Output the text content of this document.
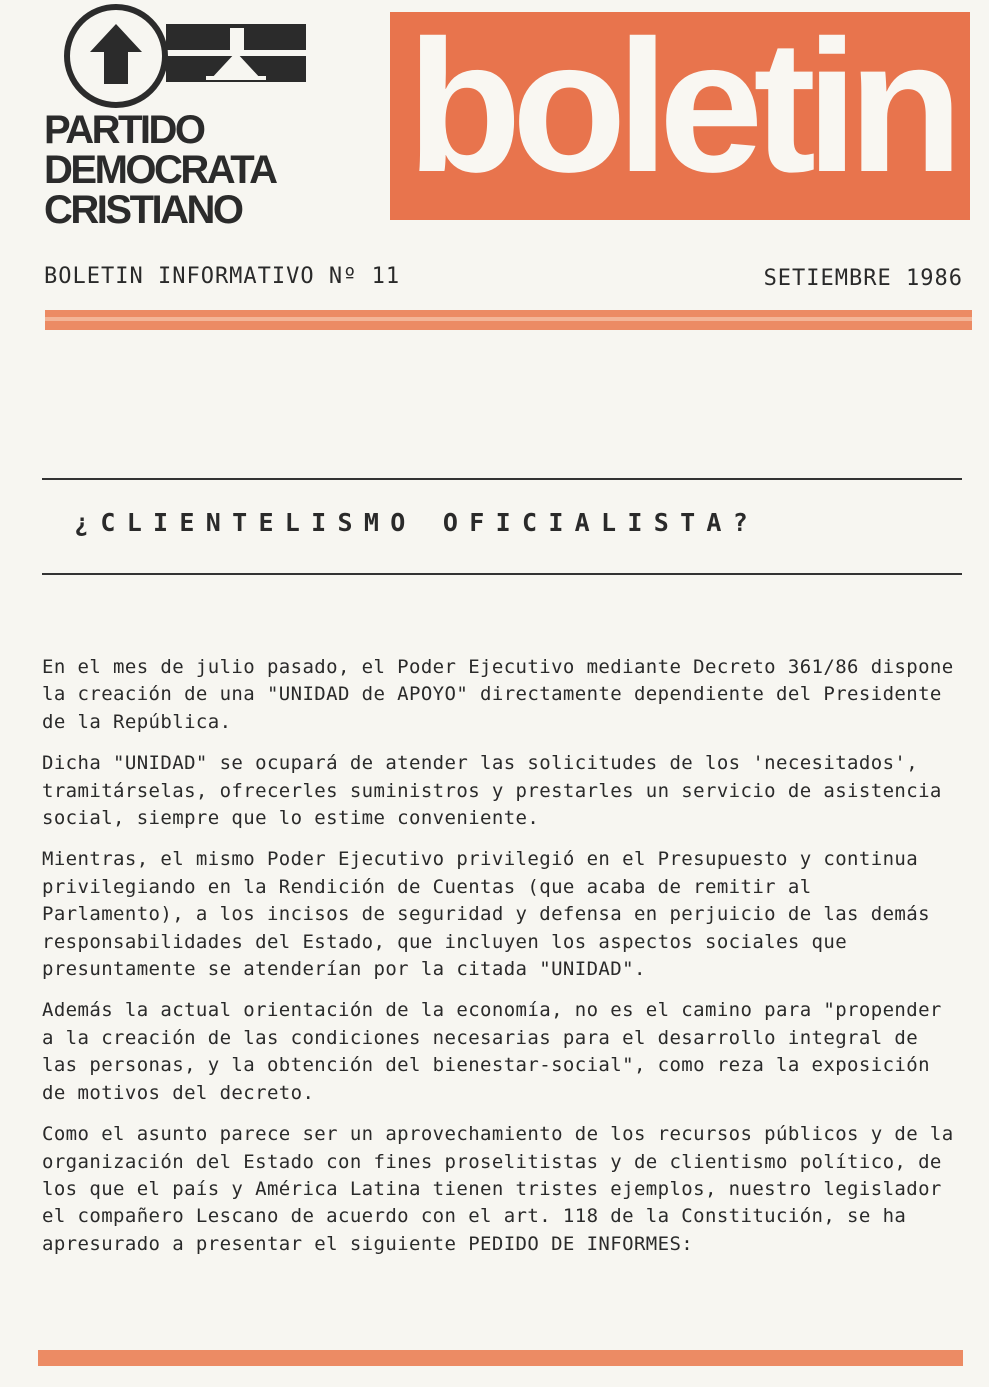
PARTIDO
DEMOCRATA
CRISTIANO boletin
BOLETIN INFORMATIVO Nº 11	SETIEMBRE 1986
¿CLIENTELISMO OFICIALISTA?

En el mes de julio pasado, el Poder Ejecutivo mediante Decreto 361/86 dispone la creación de una "UNIDAD de APOYO" directamente dependiente del Presidente de la República.

Dicha "UNIDAD" se ocupará de atender las solicitudes de los 'necesitados', tramitárselas, ofrecerles suministros y prestarles un servicio de asistencia social, siempre que lo estime conveniente.

Mientras, el mismo Poder Ejecutivo privilegió en el Presupuesto y continua privilegiando en la Rendición de Cuentas (que acaba de remitir al Parlamento), a los incisos de seguridad y defensa en perjuicio de las demás responsabilidades del Estado, que incluyen los aspectos sociales que presuntamente se atenderían por la citada "UNIDAD".

Además la actual orientación de la economía, no es el camino para "propender a la creación de las condiciones necesarias para el desarrollo integral de las personas, y la obtención del bienestar-social", como reza la exposición de motivos del decreto.

Como el asunto parece ser un aprovechamiento de los recursos públicos y de la organización del Estado con fines proselitistas y de clientismo político, de los que el país y América Latina tienen tristes ejemplos, nuestro legislador el compañero Lescano de acuerdo con el art. 118 de la Constitución, se ha apresurado a presentar el siguiente PEDIDO DE INFORMES:
